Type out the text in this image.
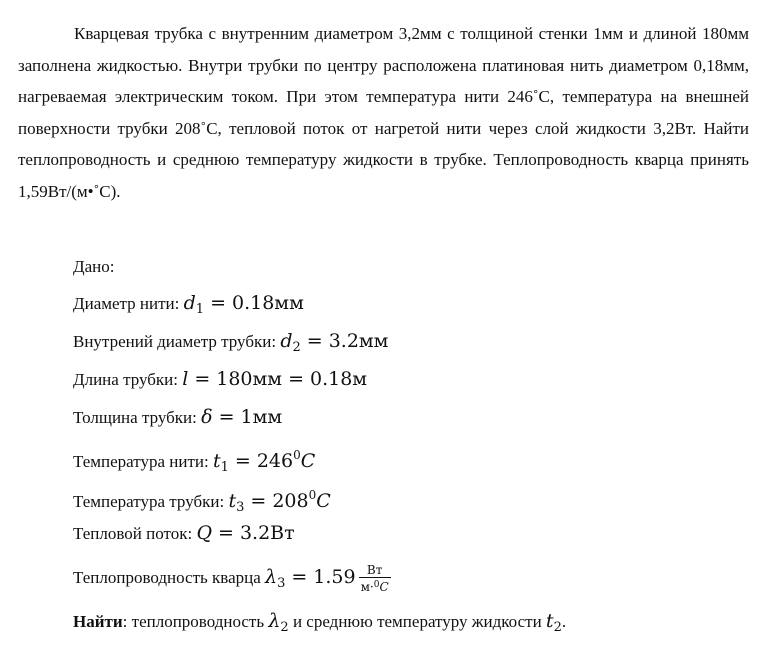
Кварцевая трубка с внутренним диаметром 3,2мм с толщиной стенки 1мм и длиной 180мм заполнена жидкостью. Внутри трубки по центру расположена платиновая нить диаметром 0,18мм, нагреваемая электрическим током. При этом температура нити 246˚С, температура на внешней поверхности трубки 208˚С, тепловой поток от нагретой нити через слой жидкости 3,2Вт. Найти теплопроводность и среднюю температуру жидкости в трубке. Теплопроводность кварца принять 1,59Вт/(м•˚С).

Дано:
Диаметр нити: $d_1 = 0.18мм$
Внутрений диаметр трубки: $d_2 = 3.2мм$
Длина трубки: l = 180мм = 0.18м
Толщина трубки: δ = 1мм
Температура нити: $t_1 = 246^0C$
Температура трубки: $t_3 = 208^0C$
Тепловой поток: Q = 3.2Вт
Теплопроводность кварца $\lambda_3 = 1.59 \frac{Вт}{м\cdot^0C}$
Найти: теплопроводность $\lambda_2$ и среднюю температуру жидкости $t_2$.
